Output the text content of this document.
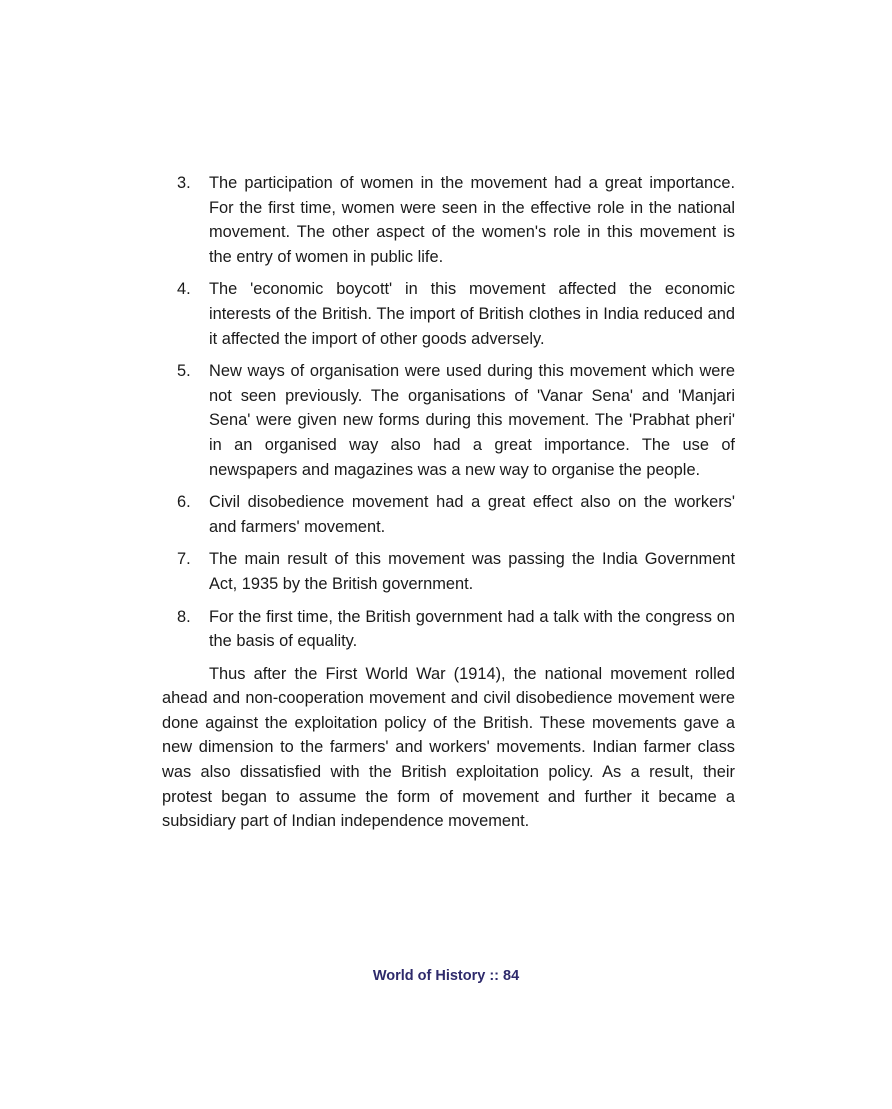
3.	The participation of women in the movement had a great importance. For the first time, women were seen in the effective role in the national movement. The other aspect of the women's role in this movement is the entry of women in public life.
4.	The 'economic boycott' in this movement affected the economic interests of the British. The import of British clothes in India reduced and it affected the import of other goods adversely.
5.	New ways of organisation were used during this movement which were not seen previously. The organisations of 'Vanar Sena' and 'Manjari Sena' were given new forms during this movement. The 'Prabhat pheri' in an organised way also had a great importance. The use of newspapers and magazines was a new way to organise the people.
6.	Civil disobedience movement had a great effect also on the workers' and farmers' movement.
7.	The main result of this movement was passing the India Government Act, 1935 by the British government.
8.	For the first time, the British government had a talk with the congress on the basis of equality.

Thus after the First World War (1914), the national movement rolled ahead and non-cooperation movement and civil disobedience movement were done against the exploitation policy of the British. These movements gave a new dimension to the farmers' and workers' movements. Indian farmer class was also dissatisfied with the British exploitation policy. As a result, their protest began to assume the form of movement and further it became a subsidiary part of Indian independence movement.

World of History :: 84
